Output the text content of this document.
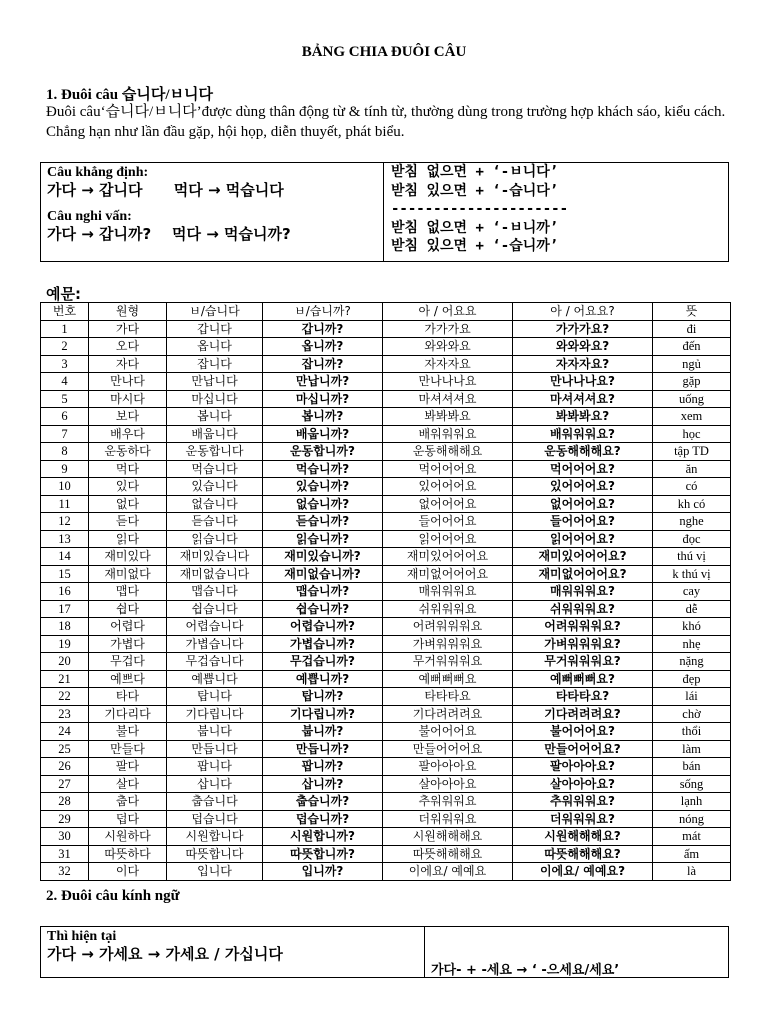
BẢNG CHIA ĐUÔI CÂU
1. Đuôi câu 습니다/ㅂ니다
Đuôi câu‘습니다/ㅂ니다’được dùng thân động từ & tính từ, thường dùng trong trường hợp khách sáo, kiểu cách. Chẳng hạn như lần đầu gặp, hội họp, diễn thuyết, phát biểu.
Câu khẳng định:
가다 → 갑니다      먹다 → 먹습니다
Câu nghi vấn:
가다 → 갑니까?    먹다 → 먹습니까?
받침 없으면 + ‘-ㅂ니다’
받침 있으면 + ‘-습니다’
---------------------
받침 없으면 + ‘-ㅂ니까’
받침 있으면 + ‘-습니까’
예문:
번호	원형	ㅂ/습니다	ㅂ/습니까?	아 / 어요요	아 / 어요요?	뜻
1	가다	갑니다	갑니까?	가가가요	가가가요?	đi
2	오다	옵니다	옵니까?	와와와요	와와와요?	đến
3	자다	잡니다	잡니까?	자자자요	자자자요?	ngủ
4	만나다	만납니다	만납니까?	만나나나요	만나나나요?	gặp
5	마시다	마십니다	마십니까?	마셔셔셔요	마셔셔셔요?	uống
6	보다	봅니다	봅니까?	봐봐봐요	봐봐봐요?	xem
7	배우다	배웁니다	배웁니까?	배워워워요	배워워워요?	học
8	운동하다	운동합니다	운동합니까?	운동해해해요	운동해해해요?	tập TD
9	먹다	먹습니다	먹습니까?	먹어어어요	먹어어어요?	ăn
10	있다	있습니다	있습니까?	있어어어요	있어어어요?	có
11	없다	없습니다	없습니까?	없어어어요	없어어어요?	kh có
12	듣다	듣습니다	듣습니까?	들어어어요	들어어어요?	nghe
13	읽다	읽습니다	읽습니까?	읽어어어요	읽어어어요?	đọc
14	재미있다	재미있습니다	재미있습니까?	재미있어어어요	재미있어어어요?	thú vị
15	재미없다	재미없습니다	재미없습니까?	재미없어어어요	재미없어어어요?	k thú vị
16	맵다	맵습니다	맵습니까?	매워워워요	매워워워요?	cay
17	쉽다	쉽습니다	쉽습니까?	쉬워워워요	쉬워워워요?	dễ
18	어렵다	어렵습니다	어렵습니까?	어려워워워요	어려워워워요?	khó
19	가볍다	가볍습니다	가볍습니까?	가벼워워워요	가벼워워워요?	nhẹ
20	무겁다	무겁습니다	무겁습니까?	무거워워워요	무거워워워요?	nặng
21	예쁘다	예쁩니다	예쁩니까?	예뻐뻐뻐요	예뻐뻐뻐요?	đẹp
22	타다	탑니다	탑니까?	타타타요	타타타요?	lái
23	기다리다	기다립니다	기다립니까?	기다려려려요	기다려려려요?	chờ
24	불다	붑니다	붑니까?	불어어어요	불어어어요?	thổi
25	만들다	만듭니다	만듭니까?	만들어어어요	만들어어어요?	làm
26	팔다	팝니다	팝니까?	팔아아아요	팔아아아요?	bán
27	살다	삽니다	삽니까?	살아아아요	살아아아요?	sống
28	춥다	춥습니다	춥습니까?	추워워워요	추워워워요?	lạnh
29	덥다	덥습니다	덥습니까?	더워워워요	더워워워요?	nóng
30	시원하다	시원합니다	시원합니까?	시원해해해요	시원해해해요?	mát
31	따뜻하다	따뜻합니다	따뜻합니까?	따뜻해해해요	따뜻해해해요?	ấm
32	이다	입니다	입니까?	이에요/ 예예요	이에요/ 예예요?	là
2. Đuôi câu kính ngữ
Thì hiện tại
가다 → 가세요 → 가세요 / 가십니다
가다- + -세요 → ‘ -으세요/세요’
